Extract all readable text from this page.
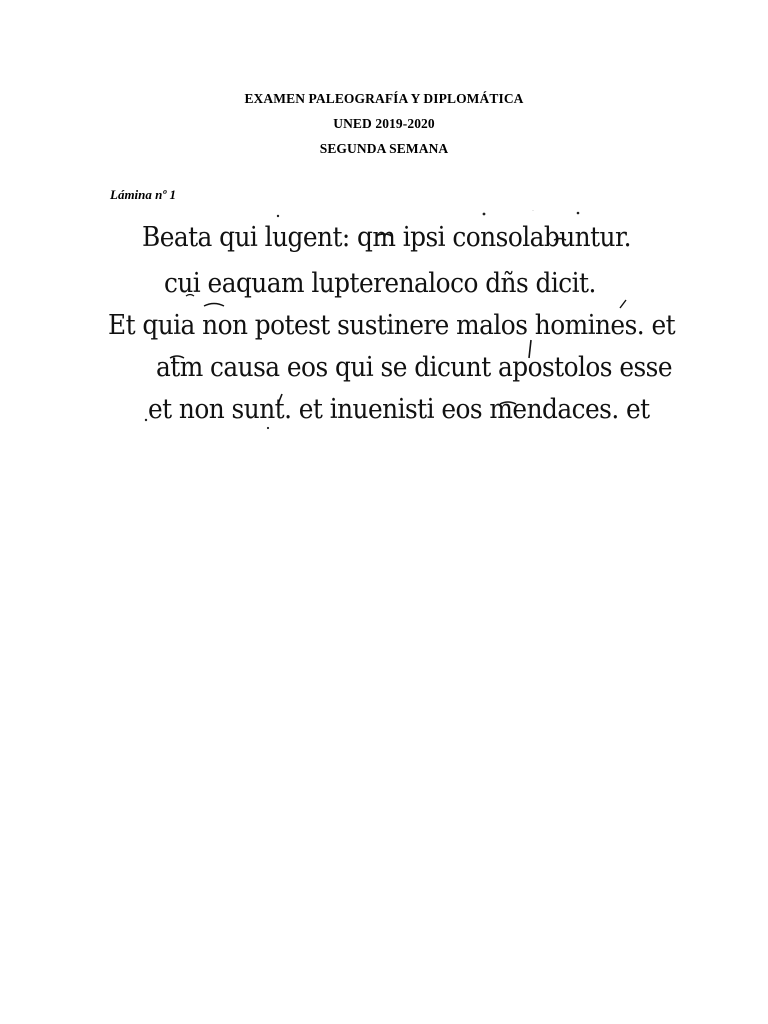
EXAMEN PALEOGRAFÍA Y DIPLOMÁTICA
UNED 2019-2020
SEGUNDA SEMANA
Lámina nº 1
Beata qui lugent: qm ipsi consolabuntur.
cui eaquam lupterenaloco dñs dicit.
Et quia non potest sustinere malos homines. et
atm causa eos qui se dicunt apostolos esse
et non sunt. et inuenisti eos mendaces. et
